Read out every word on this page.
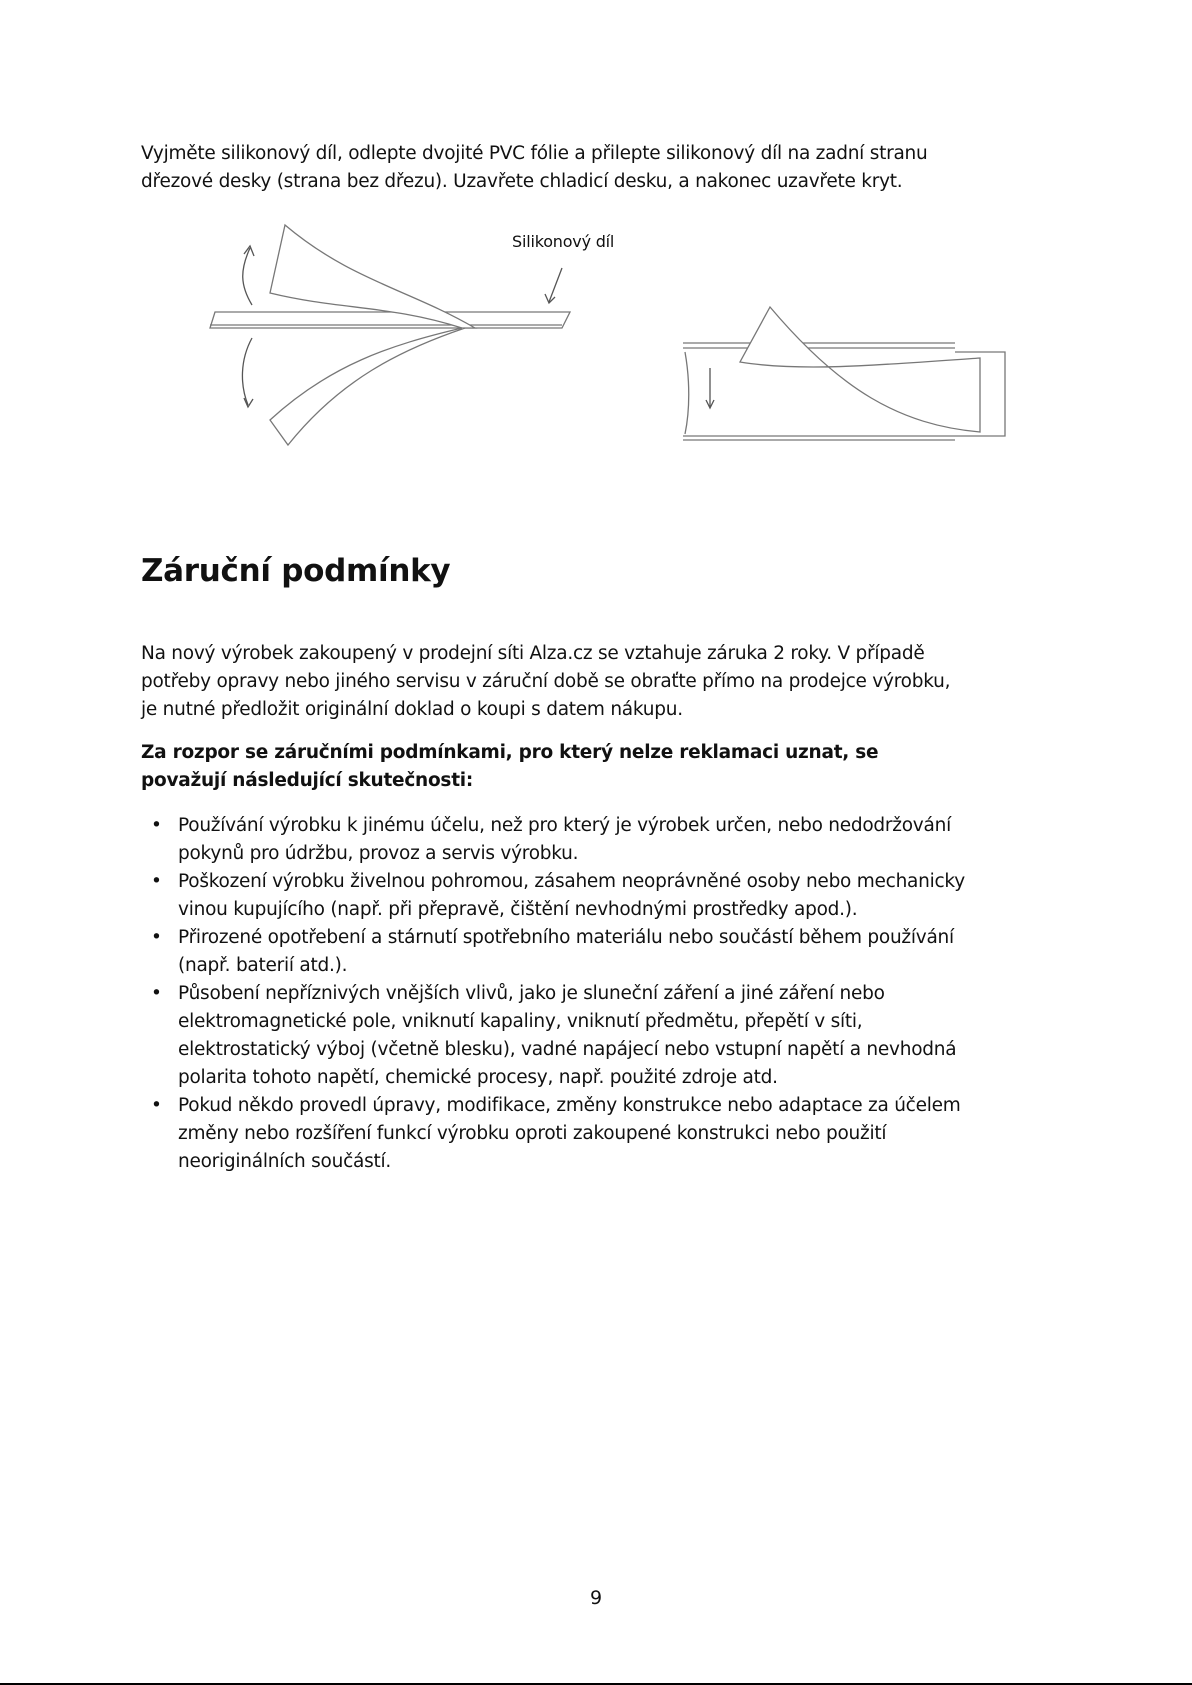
Vyjměte silikonový díl, odlepte dvojité PVC fólie a přilepte silikonový díl na zadní stranu
dřezové desky (strana bez dřezu). Uzavřete chladicí desku, a nakonec uzavřete kryt.
Silikonový díl
Záruční podmínky
Na nový výrobek zakoupený v prodejní síti Alza.cz se vztahuje záruka 2 roky. V případě
potřeby opravy nebo jiného servisu v záruční době se obraťte přímo na prodejce výrobku,
je nutné předložit originální doklad o koupi s datem nákupu.
Za rozpor se záručními podmínkami, pro který nelze reklamaci uznat, se
považují následující skutečnosti:
• Používání výrobku k jinému účelu, než pro který je výrobek určen, nebo nedodržování
pokynů pro údržbu, provoz a servis výrobku.
• Poškození výrobku živelnou pohromou, zásahem neoprávněné osoby nebo mechanicky
vinou kupujícího (např. při přepravě, čištění nevhodnými prostředky apod.).
• Přirozené opotřebení a stárnutí spotřebního materiálu nebo součástí během používání
(např. baterií atd.).
• Působení nepříznivých vnějších vlivů, jako je sluneční záření a jiné záření nebo
elektromagnetické pole, vniknutí kapaliny, vniknutí předmětu, přepětí v síti,
elektrostatický výboj (včetně blesku), vadné napájecí nebo vstupní napětí a nevhodná
polarita tohoto napětí, chemické procesy, např. použité zdroje atd.
• Pokud někdo provedl úpravy, modifikace, změny konstrukce nebo adaptace za účelem
změny nebo rozšíření funkcí výrobku oproti zakoupené konstrukci nebo použití
neoriginálních součástí.
9
